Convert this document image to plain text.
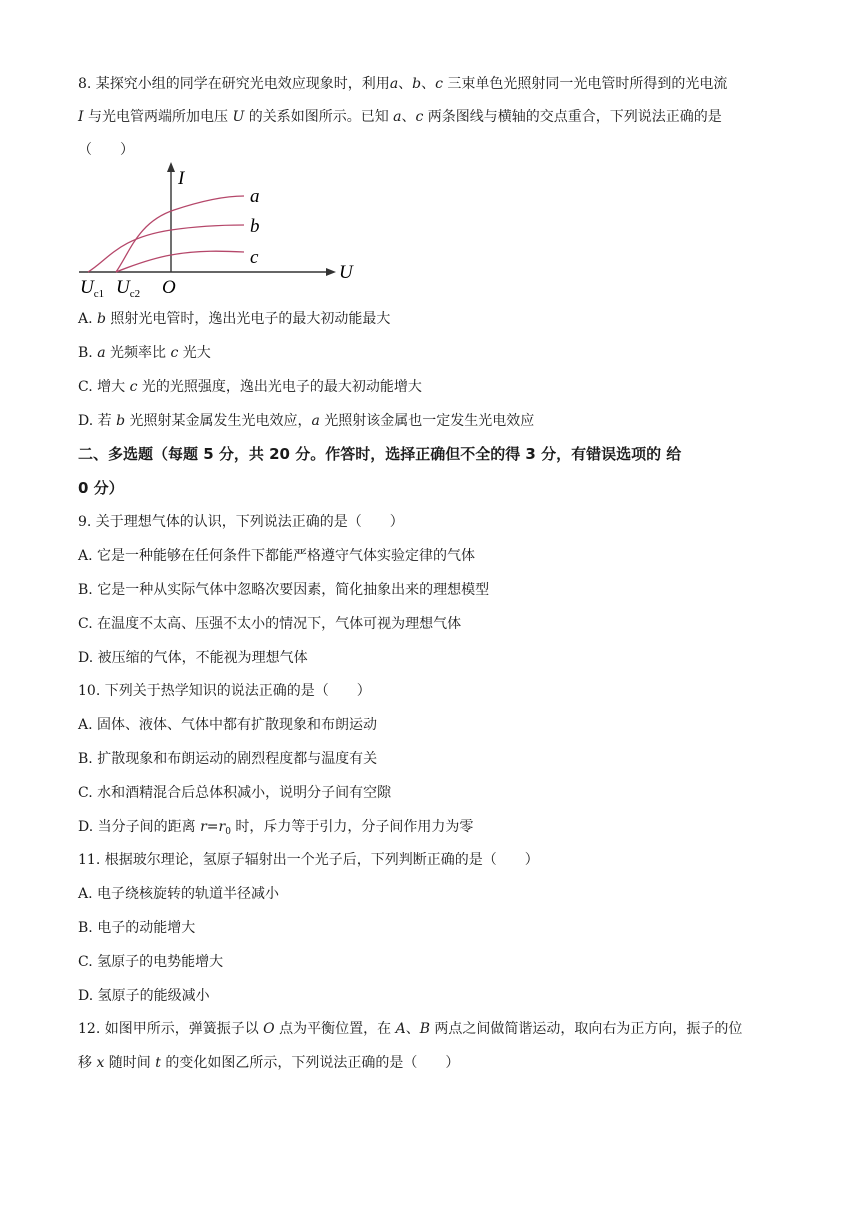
8. 某探究小组的同学在研究光电效应现象时，利用a、b、c 三束单色光照射同一光电管时所得到的光电流
I 与光电管两端所加电压 U 的关系如图所示。已知 a、c 两条图线与横轴的交点重合，下列说法正确的是
（　　）
I
U
O
a
b
c
$U_{c1}$ $U_{c2}$
A. b 照射光电管时，逸出光电子的最大初动能最大
B. a 光频率比 c 光大
C. 增大 c 光的光照强度，逸出光电子的最大初动能增大
D. 若 b 光照射某金属发生光电效应，a 光照射该金属也一定发生光电效应
二、多选题（每题 5 分，共 20 分。作答时，选择正确但不全的得 3 分，有错误选项的 给
0 分）
9. 关于理想气体的认识，下列说法正确的是（　　）
A. 它是一种能够在任何条件下都能严格遵守气体实验定律的气体
B. 它是一种从实际气体中忽略次要因素，简化抽象出来的理想模型
C. 在温度不太高、压强不太小的情况下，气体可视为理想气体
D. 被压缩的气体，不能视为理想气体
10. 下列关于热学知识的说法正确的是（　　）
A. 固体、液体、气体中都有扩散现象和布朗运动
B. 扩散现象和布朗运动的剧烈程度都与温度有关
C. 水和酒精混合后总体积减小，说明分子间有空隙
D. 当分子间的距离 $r=r_0$ 时，斥力等于引力，分子间作用力为零
11. 根据玻尔理论，氢原子辐射出一个光子后，下列判断正确的是（　　）
A. 电子绕核旋转的轨道半径减小
B. 电子的动能增大
C. 氢原子的电势能增大
D. 氢原子的能级减小
12. 如图甲所示，弹簧振子以 O 点为平衡位置，在 A、B 两点之间做简谐运动，取向右为正方向，振子的位
移 x 随时间 t 的变化如图乙所示，下列说法正确的是（　　）
